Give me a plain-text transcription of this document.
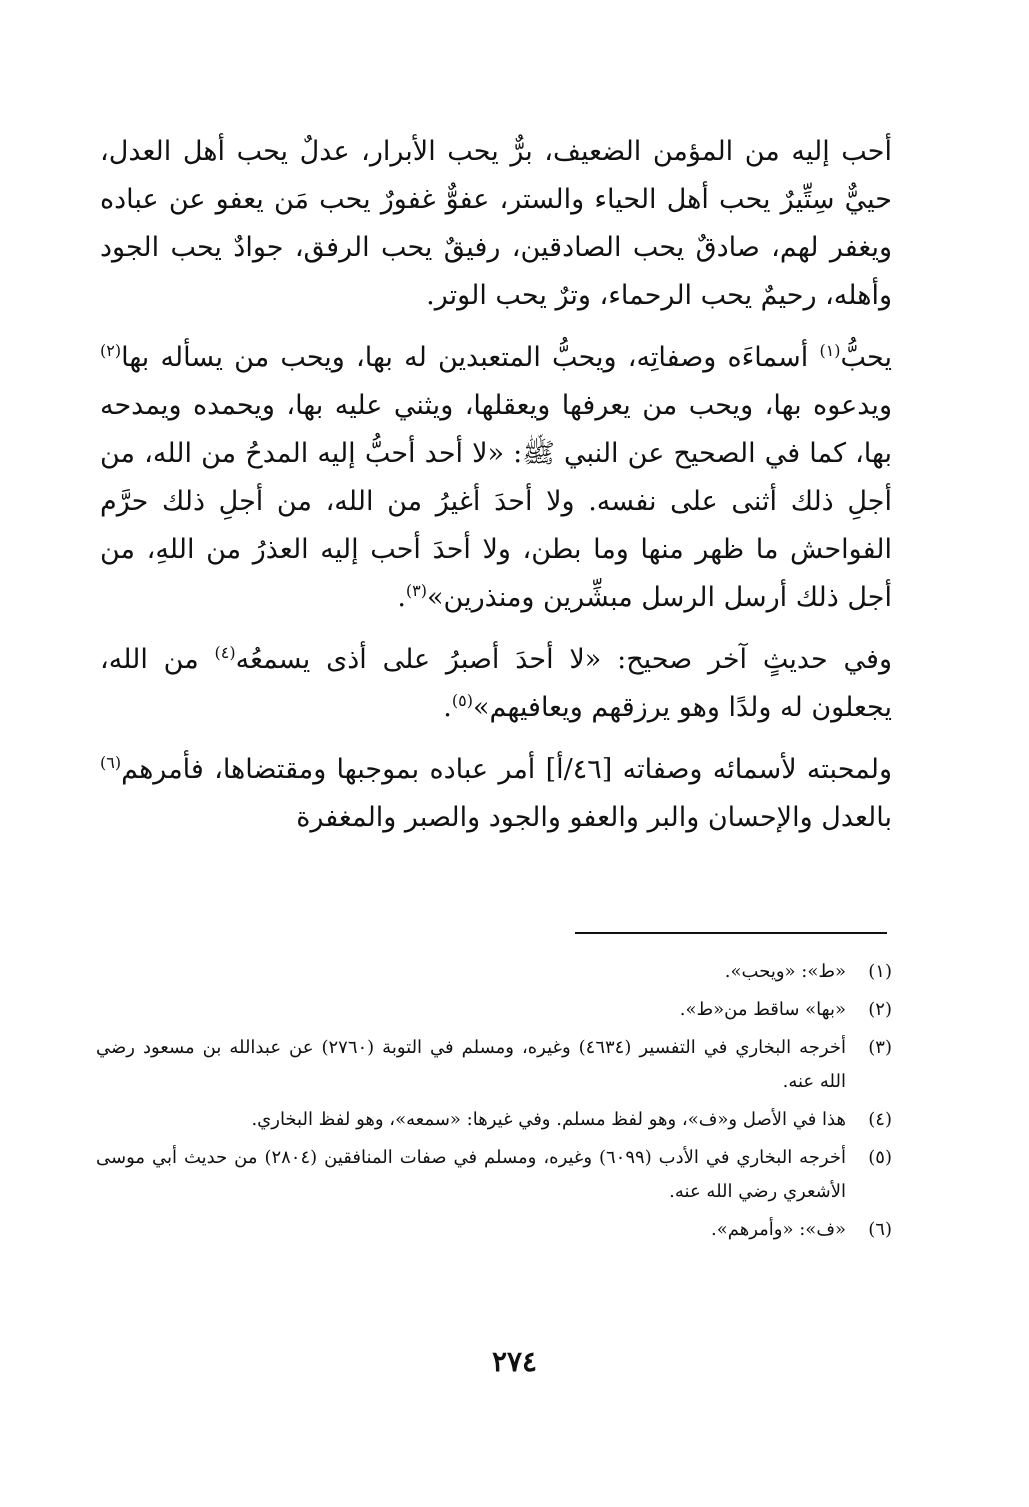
أحب إليه من المؤمن الضعيف، برٌّ يحب الأبرار، عدلٌ يحب أهل العدل، حييٌّ سِتِّيرٌ يحب أهل الحياء والستر، عفوٌّ غفورٌ يحب مَن يعفو عن عباده ويغفر لهم، صادقٌ يحب الصادقين، رفيقٌ يحب الرفق، جوادٌ يحب الجود وأهله، رحيمٌ يحب الرحماء، وترٌ يحب الوتر.

يحبُّ$^{(١)}$ أسماءَه وصفاتِه، ويحبُّ المتعبدين له بها، ويحب من يسأله بها$^{(٢)}$ ويدعوه بها، ويحب من يعرفها ويعقلها، ويثني عليه بها، ويحمده ويمدحه بها، كما في الصحيح عن النبي ﷺ: «لا أحد أحبُّ إليه المدحُ من الله، من أجلِ ذلك أثنى على نفسه. ولا أحدَ أغيرُ من الله، من أجلِ ذلك حرَّم الفواحش ما ظهر منها وما بطن، ولا أحدَ أحب إليه العذرُ من اللهِ، من أجل ذلك أرسل الرسل مبشِّرين ومنذرين»$^{(٣)}$.

وفي حديثٍ آخر صحيح: «لا أحدَ أصبرُ على أذى يسمعُه$^{(٤)}$ من الله، يجعلون له ولدًا وهو يرزقهم ويعافيهم»$^{(٥)}$.

ولمحبته لأسمائه وصفاته [٤٦/أ] أمر عباده بموجبها ومقتضاها، فأمرهم$^{(٦)}$ بالعدل والإحسان والبر والعفو والجود والصبر والمغفرة

(١)
«ط»: «ويحب».
(٢)
«بها» ساقط من«ط».
(٣)
أخرجه البخاري في التفسير (٤٦٣٤) وغيره، ومسلم في التوبة (٢٧٦٠) عن عبدالله بن مسعود رضي الله عنه.
(٤)
هذا في الأصل و«ف»، وهو لفظ مسلم. وفي غيرها: «سمعه»، وهو لفظ البخاري.
(٥)
أخرجه البخاري في الأدب (٦٠٩٩) وغيره، ومسلم في صفات المنافقين (٢٨٠٤) من حديث أبي موسى الأشعري رضي الله عنه.
(٦)
«ف»: «وأمرهم».
٢٧٤
